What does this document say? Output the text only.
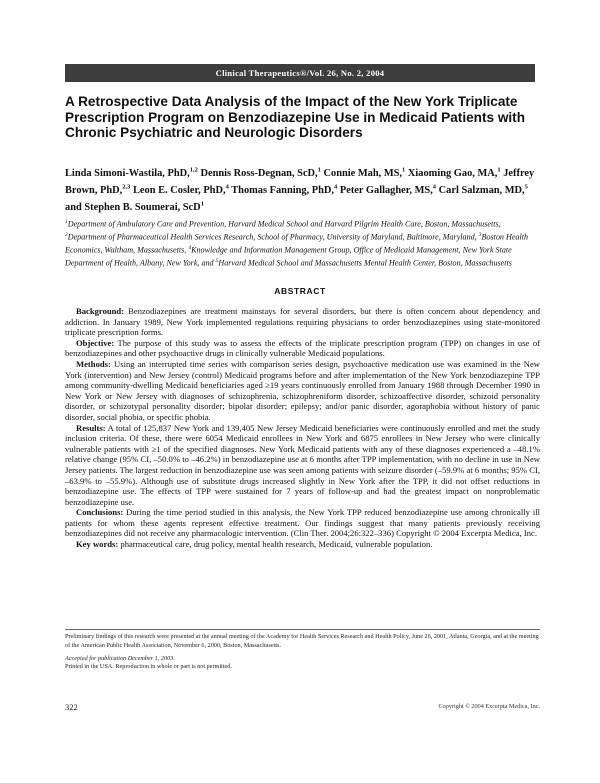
Clinical Therapeutics®/Vol. 26, No. 2, 2004
A Retrospective Data Analysis of the Impact of the New York Triplicate Prescription Program on Benzodiazepine Use in Medicaid Patients with Chronic Psychiatric and Neurologic Disorders

Linda Simoni-Wastila, PhD,$^{1,2}$ Dennis Ross-Degnan, ScD,$^1$ Connie Mah, MS,$^1$ Xiaoming Gao, MA,$^1$ Jeffrey Brown, PhD,$^{2,3}$ Leon E. Cosler, PhD,$^4$ Thomas Fanning, PhD,$^4$ Peter Gallagher, MS,$^4$ Carl Salzman, MD,$^5$ and Stephen B. Soumerai, ScD$^1$

$^1$Department of Ambulatory Care and Prevention, Harvard Medical School and Harvard Pilgrim Health Care, Boston, Massachusetts, $^2$Department of Pharmaceutical Health Services Research, School of Pharmacy, University of Maryland, Baltimore, Maryland, $^3$Boston Health Economics, Waltham, Massachusetts, $^4$Knowledge and Information Management Group, Office of Medicaid Management, New York State Department of Health, Albany, New York, and $^5$Harvard Medical School and Massachusetts Mental Health Center, Boston, Massachusetts

ABSTRACT

Background: Benzodiazepines are treatment mainstays for several disorders, but there is often concern about dependency and addiction. In January 1989, New York implemented regulations requiring physicians to order benzodiazepines using state-monitored triplicate prescription forms.

Objective: The purpose of this study was to assess the effects of the triplicate prescription program (TPP) on changes in use of benzodiazepines and other psychoactive drugs in clinically vulnerable Medicaid populations.

Methods: Using an interrupted time series with comparison series design, psychoactive medication use was examined in the New York (intervention) and New Jersey (control) Medicaid programs before and after implementation of the New York benzodiazepine TPP among community-dwelling Medicaid beneficiaries aged ≥19 years continuously enrolled from January 1988 through December 1990 in New York or New Jersey with diagnoses of schizophrenia, schizophreniform disorder, schizoaffective disorder, schizoid personality disorder, or schizotypal personality disorder; bipolar disorder; epilepsy; and/or panic disorder, agoraphobia without history of panic disorder, social phobia, or specific phobia.

Results: A total of 125,837 New York and 139,405 New Jersey Medicaid beneficiaries were continuously enrolled and met the study inclusion criteria. Of these, there were 6054 Medicaid enrollees in New York and 6875 enrollees in New Jersey who were clinically vulnerable patients with ≥1 of the specified diagnoses. New York Medicaid patients with any of these diagnoses experienced a –48.1% relative change (95% CI, –50.0% to –46.2%) in benzodiazepine use at 6 months after TPP implementation, with no decline in use in New Jersey patients. The largest reduction in benzodiazepine use was seen among patients with seizure disorder (–59.9% at 6 months; 95% CI, –63.9% to –55.9%). Although use of substitute drugs increased slightly in New York after the TPP, it did not offset reductions in benzodiazepine use. The effects of TPP were sustained for 7 years of follow-up and had the greatest impact on nonproblematic benzodiazepine use.

Conclusions: During the time period studied in this analysis, the New York TPP reduced benzodiazepine use among chronically ill patients for whom these agents represent effective treatment. Our findings suggest that many patients previously receiving benzodiazepines did not receive any pharmacologic intervention. (Clin Ther. 2004;26:322–336) Copyright © 2004 Excerpta Medica, Inc.

Key words: pharmaceutical care, drug policy, mental health research, Medicaid, vulnerable population.

Preliminary findings of this research were presented at the annual meeting of the Academy for Health Services Research and Health Policy, June 26, 2001, Atlanta, Georgia, and at the meeting of the American Public Health Association, November 6, 2000, Boston, Massachusetts.

Accepted for publication December 1, 2003.

Printed in the USA. Reproduction in whole or part is not permitted.

322	Copyright © 2004 Excerpta Medica, Inc.
